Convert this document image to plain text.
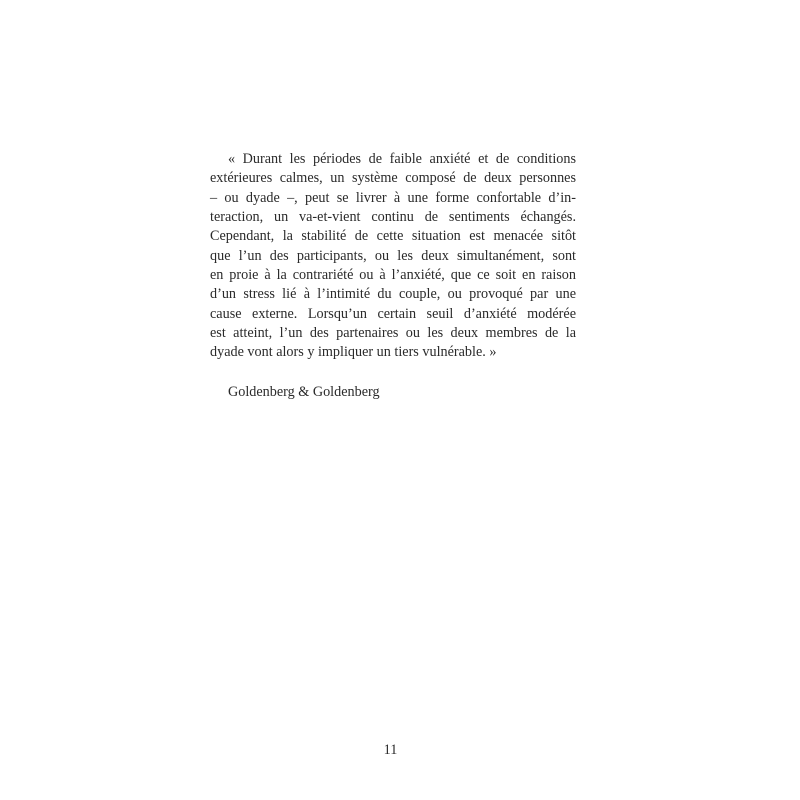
« Durant les périodes de faible anxiété et de conditions
extérieures calmes, un système composé de deux personnes
– ou dyade –, peut se livrer à une forme confortable d’in-
teraction, un va-et-vient continu de sentiments échangés.
Cependant, la stabilité de cette situation est menacée sitôt
que l’un des participants, ou les deux simultanément, sont
en proie à la contrariété ou à l’anxiété, que ce soit en raison
d’un stress lié à l’intimité du couple, ou provoqué par une
cause externe. Lorsqu’un certain seuil d’anxiété modérée
est atteint, l’un des partenaires ou les deux membres de la
dyade vont alors y impliquer un tiers vulnérable. »
Goldenberg & Goldenberg
11
